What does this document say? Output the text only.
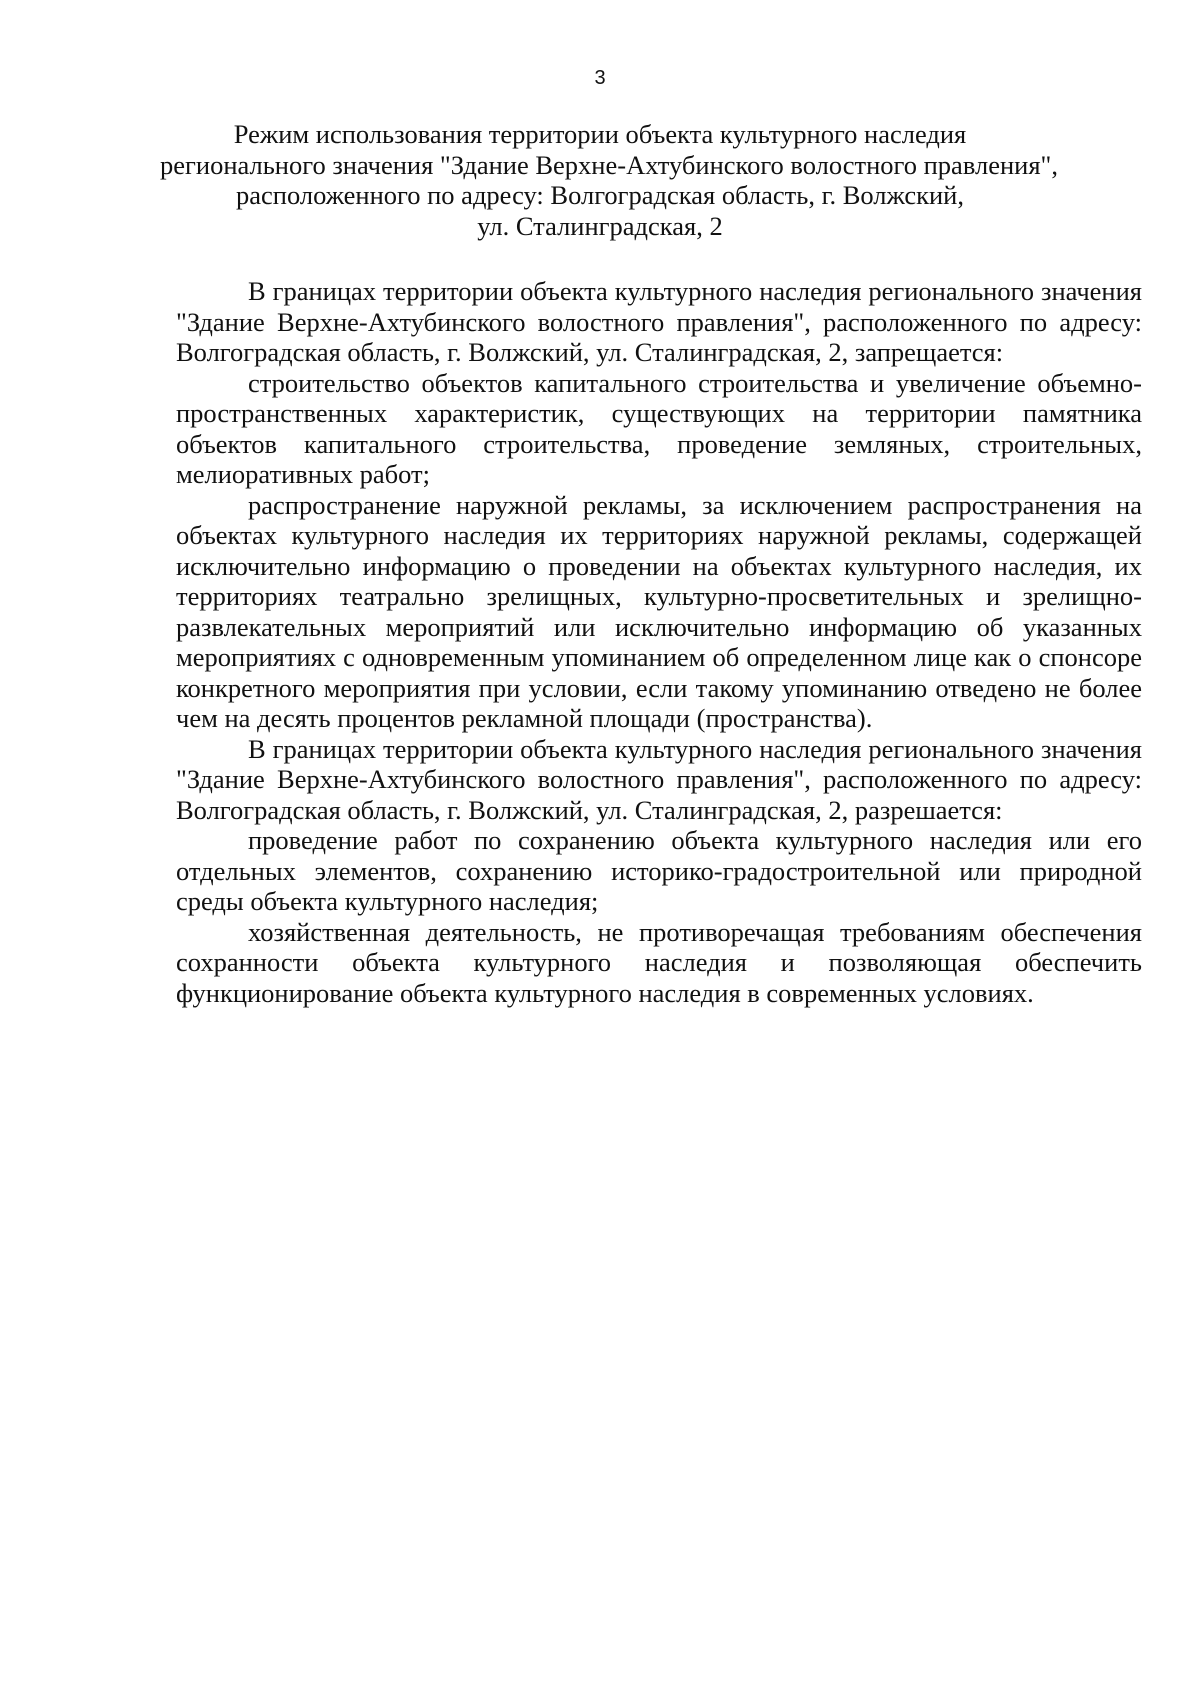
3
Режим использования территории объекта культурного наследия
регионального значения "Здание Верхне-Ахтубинского волостного правления",
расположенного по адресу: Волгоградская область, г. Волжский,
ул. Сталинградская, 2

В границах территории объекта культурного наследия регионального значения "Здание Верхне-Ахтубинского волостного правления", расположенного по адресу: Волгоградская область, г. Волжский, ул. Сталинградская, 2, запрещается:

строительство объектов капитального строительства и увеличение объемно-пространственных характеристик, существующих на территории памятника объектов капитального строительства, проведение земляных, строительных, мелиоративных работ;

распространение наружной рекламы, за исключением распространения на объектах культурного наследия их территориях наружной рекламы, содержащей исключительно информацию о проведении на объектах культурного наследия, их территориях театрально зрелищных, культурно-просветительных и зрелищно-развлекательных мероприятий или исключительно информацию об указанных мероприятиях с одновременным упоминанием об определенном лице как о спонсоре конкретного мероприятия при условии, если такому упоминанию отведено не более чем на десять процентов рекламной площади (пространства).

В границах территории объекта культурного наследия регионального значения "Здание Верхне-Ахтубинского волостного правления", расположенного по адресу: Волгоградская область, г. Волжский, ул. Сталинградская, 2, разрешается:

проведение работ по сохранению объекта культурного наследия или его отдельных элементов, сохранению историко-градостроительной или природной среды объекта культурного наследия;

хозяйственная деятельность, не противоречащая требованиям обеспечения сохранности объекта культурного наследия и позволяющая обеспечить функционирование объекта культурного наследия в современных условиях.
